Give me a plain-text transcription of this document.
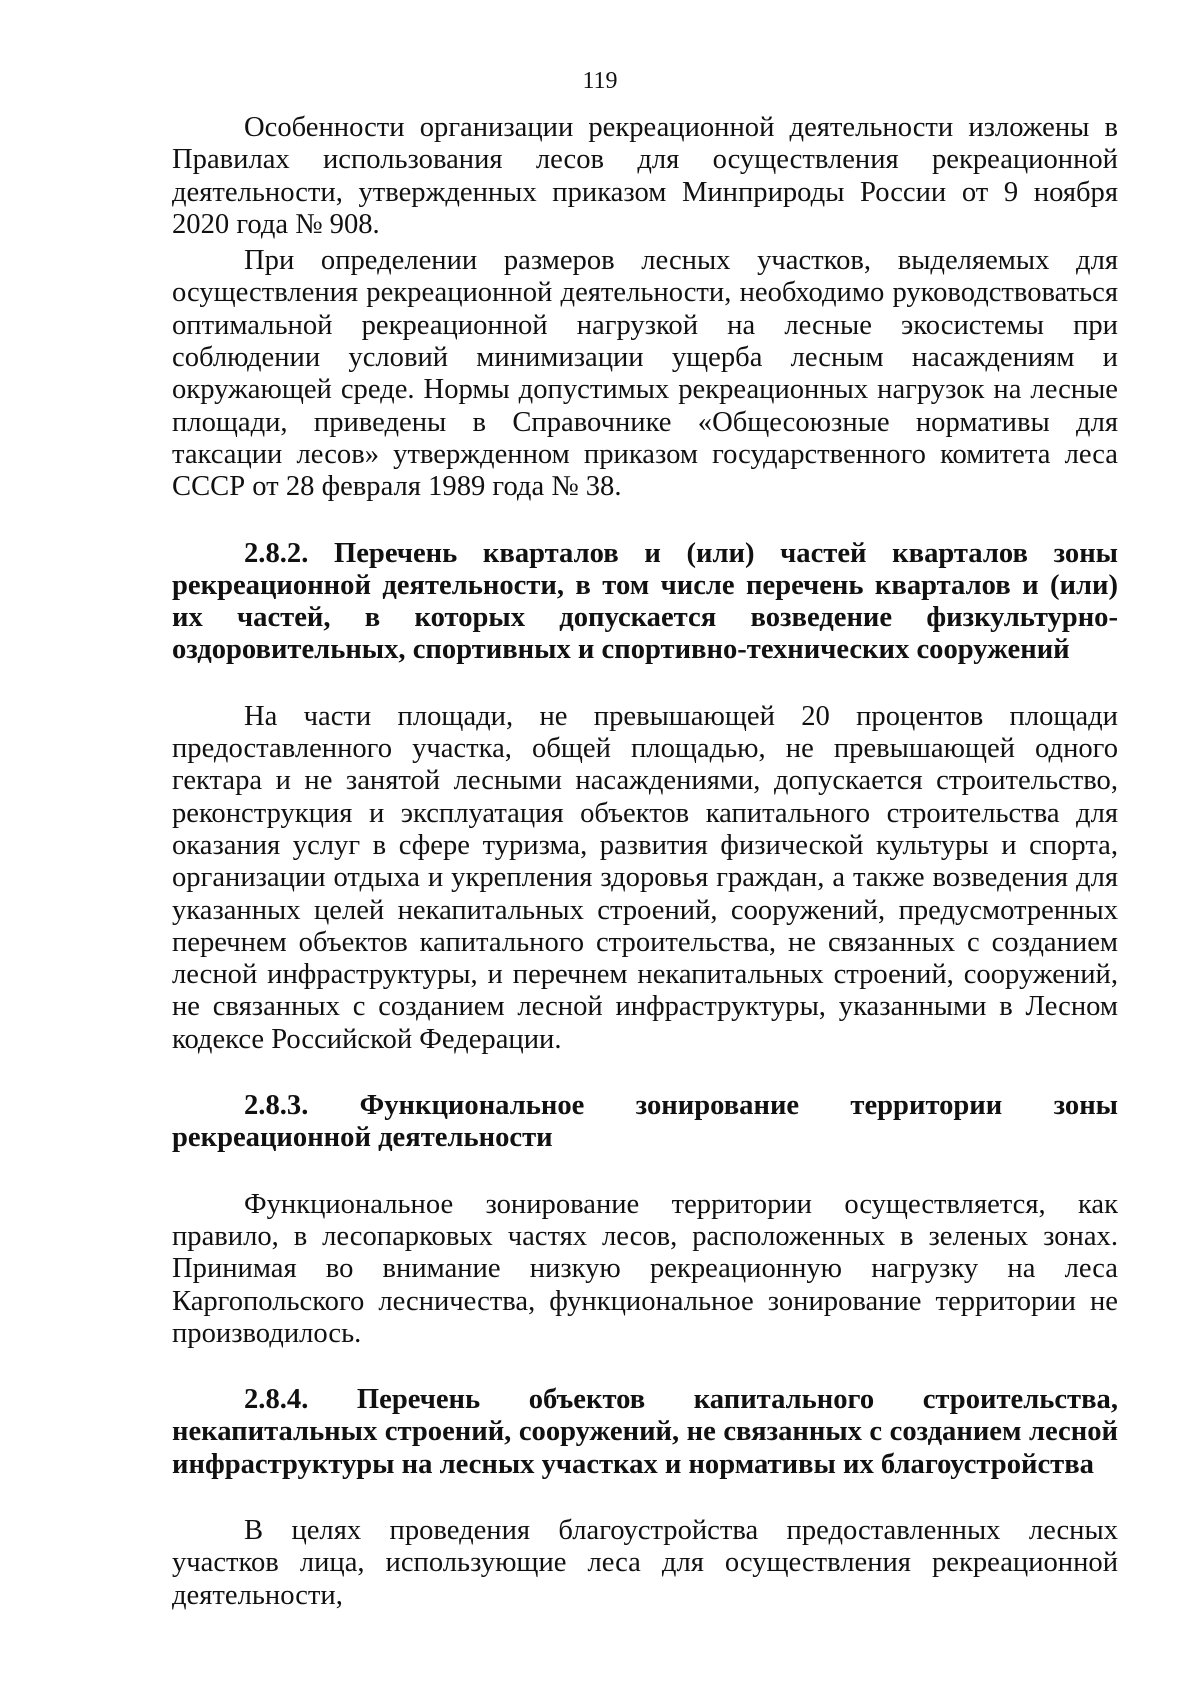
119

Особенности организации рекреационной деятельности изложены в Правилах использования лесов для осуществления рекреационной деятельности, утвержденных приказом Минприроды России от 9 ноября 2020 года № 908.

При определении размеров лесных участков, выделяемых для осуществления рекреационной деятельности, необходимо руководствоваться оптимальной рекреационной нагрузкой на лесные экосистемы при соблюдении условий минимизации ущерба лесным насаждениям и окружающей среде. Нормы допустимых рекреационных нагрузок на лесные площади, приведены в Справочнике «Общесоюзные нормативы для таксации лесов» утвержденном приказом государственного комитета леса СССР от 28 февраля 1989 года № 38.

2.8.2. Перечень кварталов и (или) частей кварталов зоны рекреационной деятельности, в том числе перечень кварталов и (или) их частей, в которых допускается возведение физкультурно-оздоровительных, спортивных и спортивно-технических сооружений

На части площади, не превышающей 20 процентов площади предоставленного участка, общей площадью, не превышающей одного гектара и не занятой лесными насаждениями, допускается строительство, реконструкция и эксплуатация объектов капитального строительства для оказания услуг в сфере туризма, развития физической культуры и спорта, организации отдыха и укрепления здоровья граждан, а также возведения для указанных целей некапитальных строений, сооружений, предусмотренных перечнем объектов капитального строительства, не связанных с созданием лесной инфраструктуры, и перечнем некапитальных строений, сооружений, не связанных с созданием лесной инфраструктуры, указанными в Лесном кодексе Российской Федерации.

2.8.3. Функциональное зонирование территории зоны рекреационной деятельности

Функциональное зонирование территории осуществляется, как правило, в лесопарковых частях лесов, расположенных в зеленых зонах. Принимая во внимание низкую рекреационную нагрузку на леса Каргопольского лесничества, функциональное зонирование территории не производилось.

2.8.4. Перечень объектов капитального строительства, некапитальных строений, сооружений, не связанных с созданием лесной инфраструктуры на лесных участках и нормативы их благоустройства

В целях проведения благоустройства предоставленных лесных участков лица, использующие леса для осуществления рекреационной деятельности,
